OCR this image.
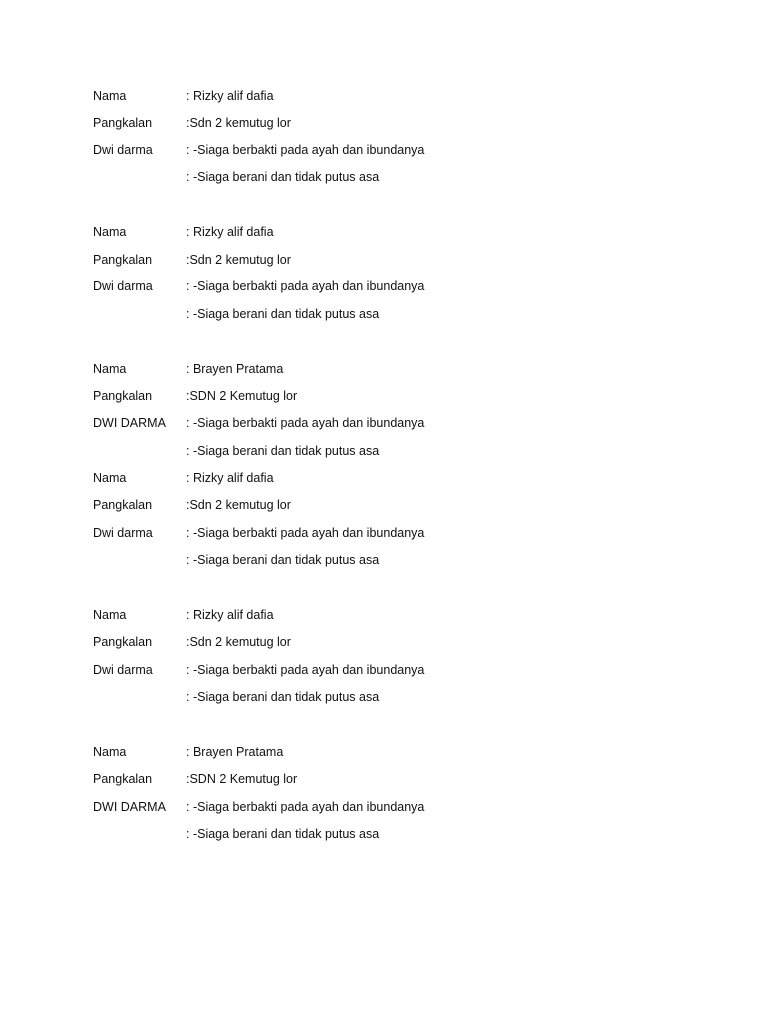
Nama	: Rizky alif dafia
Pangkalan	:Sdn 2 kemutug lor
Dwi darma	: -Siaga berbakti pada ayah dan ibundanya
: -Siaga berani dan tidak putus asa
Nama	: Rizky alif dafia
Pangkalan	:Sdn 2 kemutug lor
Dwi darma	: -Siaga berbakti pada ayah dan ibundanya
: -Siaga berani dan tidak putus asa
Nama	: Brayen Pratama
Pangkalan	:SDN 2 Kemutug lor
DWI DARMA : -Siaga berbakti pada ayah dan ibundanya
: -Siaga berani dan tidak putus asa
Nama	: Rizky alif dafia
Pangkalan	:Sdn 2 kemutug lor
Dwi darma	: -Siaga berbakti pada ayah dan ibundanya
: -Siaga berani dan tidak putus asa
Nama	: Rizky alif dafia
Pangkalan	:Sdn 2 kemutug lor
Dwi darma	: -Siaga berbakti pada ayah dan ibundanya
: -Siaga berani dan tidak putus asa
Nama	: Brayen Pratama
Pangkalan	:SDN 2 Kemutug lor
DWI DARMA : -Siaga berbakti pada ayah dan ibundanya
: -Siaga berani dan tidak putus asa
